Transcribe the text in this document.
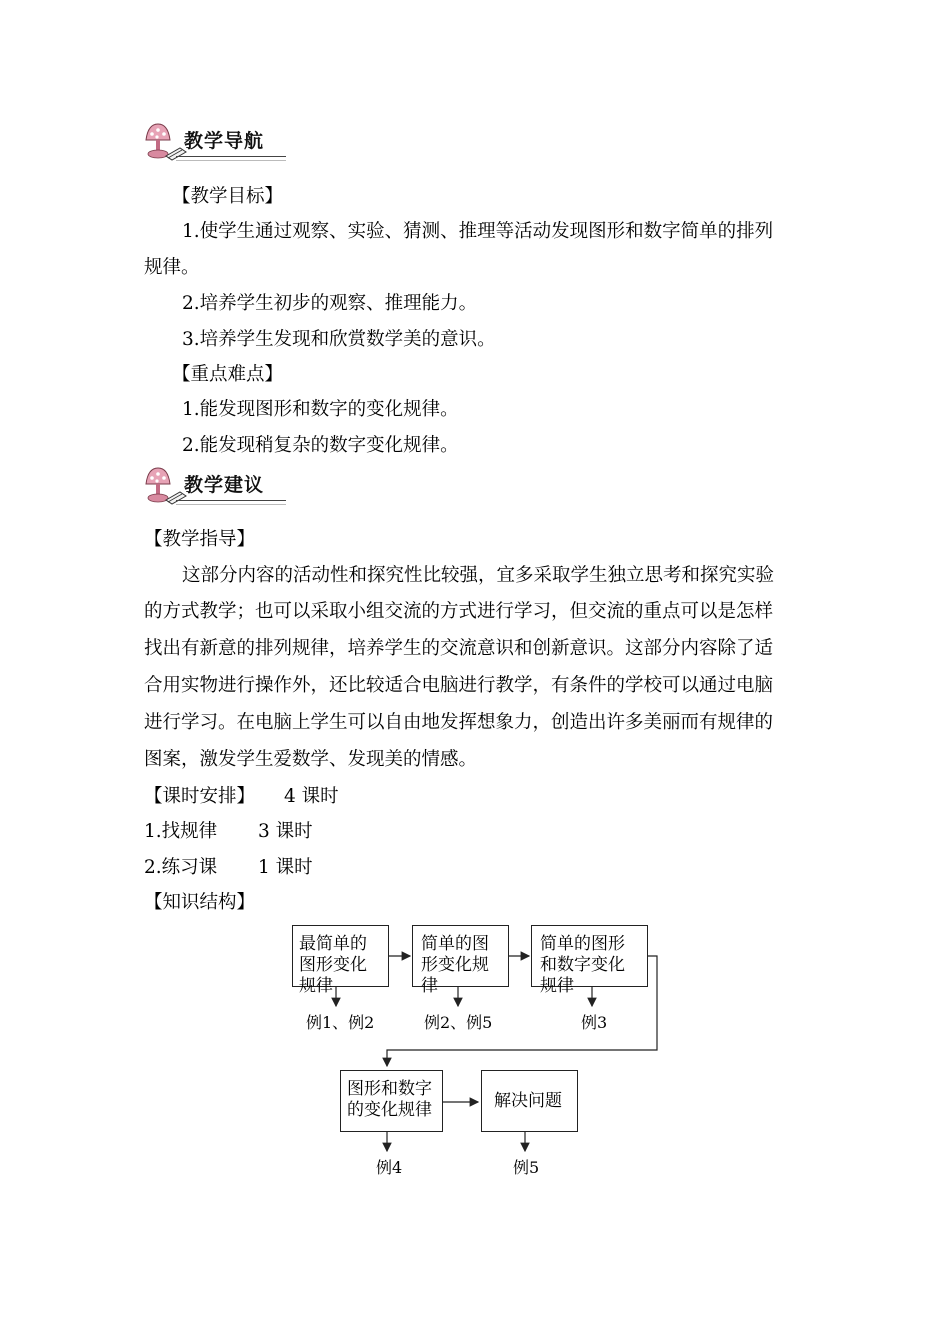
教学导航
【教学目标】
1.使学生通过观察、实验、猜测、推理等活动发现图形和数字简单的排列
规律。
2.培养学生初步的观察、推理能力。
3.培养学生发现和欣赏数学美的意识。
【重点难点】
1.能发现图形和数字的变化规律。
2.能发现稍复杂的数字变化规律。
教学建议
【教学指导】
这部分内容的活动性和探究性比较强，宜多采取学生独立思考和探究实验
的方式教学；也可以采取小组交流的方式进行学习，但交流的重点可以是怎样
找出有新意的排列规律，培养学生的交流意识和创新意识。这部分内容除了适
合用实物进行操作外，还比较适合电脑进行教学，有条件的学校可以通过电脑
进行学习。在电脑上学生可以自由地发挥想象力，创造出许多美丽而有规律的
图案，激发学生爱数学、发现美的情感。
【课时安排】 4 课时
1.找规律 3 课时
2.练习课 1 课时
【知识结构】
最简单的图形变化规律
简单的图形变化规律
简单的图形和数字变化规律
图形和数字的变化规律	解决问题
例1、例2	例2、例5	例3
例4	例5
